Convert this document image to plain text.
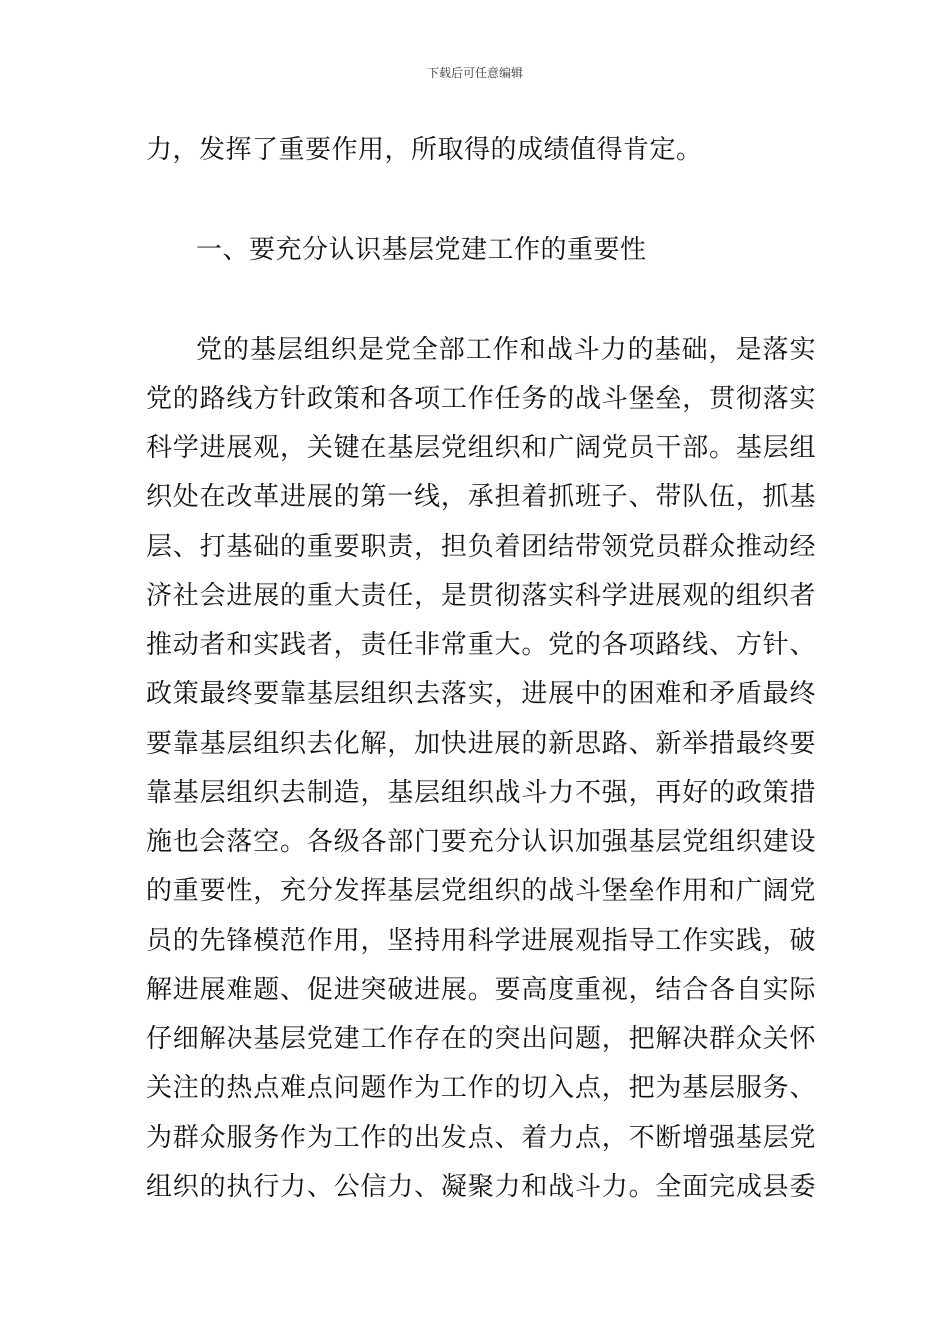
下载后可任意编辑
力，发挥了重要作用，所取得的成绩值得肯定。
一、要充分认识基层党建工作的重要性
党的基层组织是党全部工作和战斗力的基础，是落实
党的路线方针政策和各项工作任务的战斗堡垒，贯彻落实
科学进展观，关键在基层党组织和广阔党员干部。基层组
织处在改革进展的第一线，承担着抓班子、带队伍，抓基
层、打基础的重要职责，担负着团结带领党员群众推动经
济社会进展的重大责任，是贯彻落实科学进展观的组织者
推动者和实践者，责任非常重大。党的各项路线、方针、
政策最终要靠基层组织去落实，进展中的困难和矛盾最终
要靠基层组织去化解，加快进展的新思路、新举措最终要
靠基层组织去制造，基层组织战斗力不强，再好的政策措
施也会落空。各级各部门要充分认识加强基层党组织建设
的重要性，充分发挥基层党组织的战斗堡垒作用和广阔党
员的先锋模范作用，坚持用科学进展观指导工作实践，破
解进展难题、促进突破进展。要高度重视，结合各自实际
仔细解决基层党建工作存在的突出问题，把解决群众关怀
关注的热点难点问题作为工作的切入点，把为基层服务、
为群众服务作为工作的出发点、着力点，不断增强基层党
组织的执行力、公信力、凝聚力和战斗力。全面完成县委
